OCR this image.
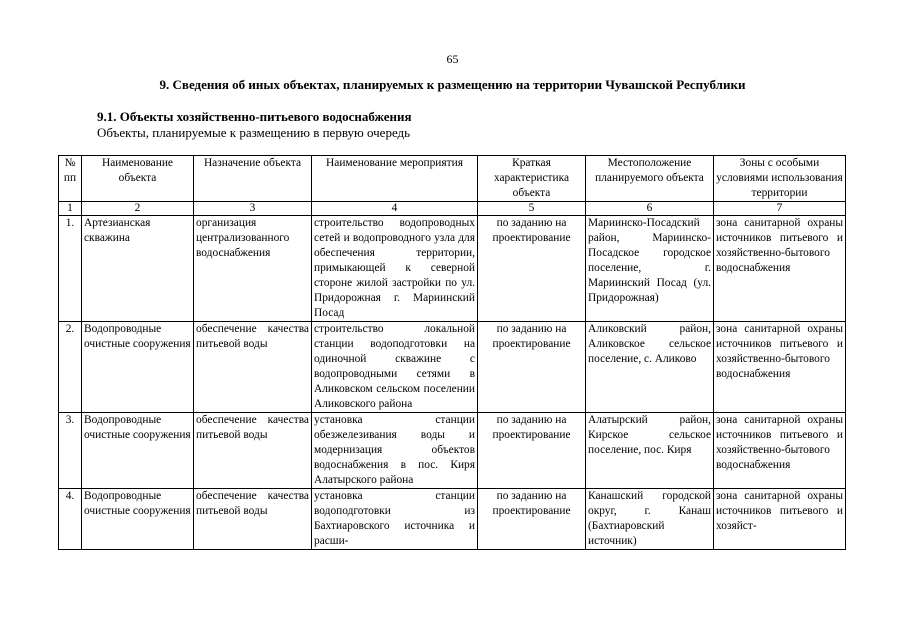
65
9. Сведения об иных объектах, планируемых к размещению на территории Чувашской Республики
9.1. Объекты хозяйственно-питьевого водоснабжения
Объекты, планируемые к размещению в первую очередь
№ пп	Наименование объекта	Назначение объекта	Наименование мероприятия	Краткая характеристика объекта	Местоположение планируемого объекта	Зоны с особыми условиями использования территории
1	2	3	4	5	6	7
1.	Артезианская скважина	организация централизованного водоснабжения	строительство водопроводных сетей и водопроводного узла для обеспечения территории, примыкающей к северной стороне жилой застройки по ул. Придорожная г. Мариинский Посад	по заданию на проектирование	Мариинско-Посадский район, Мариинско-Посадское городское поселение, г. Мариинский Посад (ул. Придорожная)	зона санитарной охраны источников питьевого и хозяйственно-бытового водоснабжения
2.	Водопроводные очистные сооружения	обеспечение качества питьевой воды	строительство локальной станции водоподготовки на одиночной скважине с водопроводными сетями в Аликовском сельском поселении Аликовского района	по заданию на проектирование	Аликовский район, Аликовское сельское поселение, с. Аликово	зона санитарной охраны источников питьевого и хозяйственно-бытового водоснабжения
3.	Водопроводные очистные сооружения	обеспечение качества питьевой воды	установка станции обезжелезивания воды и модернизация объектов водоснабжения в пос. Киря Алатырского района	по заданию на проектирование	Алатырский район, Кирское сельское поселение, пос. Киря	зона санитарной охраны источников питьевого и хозяйственно-бытового водоснабжения
4.	Водопроводные очистные сооружения	обеспечение качества питьевой воды	установка станции водоподготовки из Бахтиаровского источника и расши-	по заданию на проектирование	Канашский городской округ, г. Канаш (Бахтиаровский источник)	зона санитарной охраны источников питьевого и хозяйст-
